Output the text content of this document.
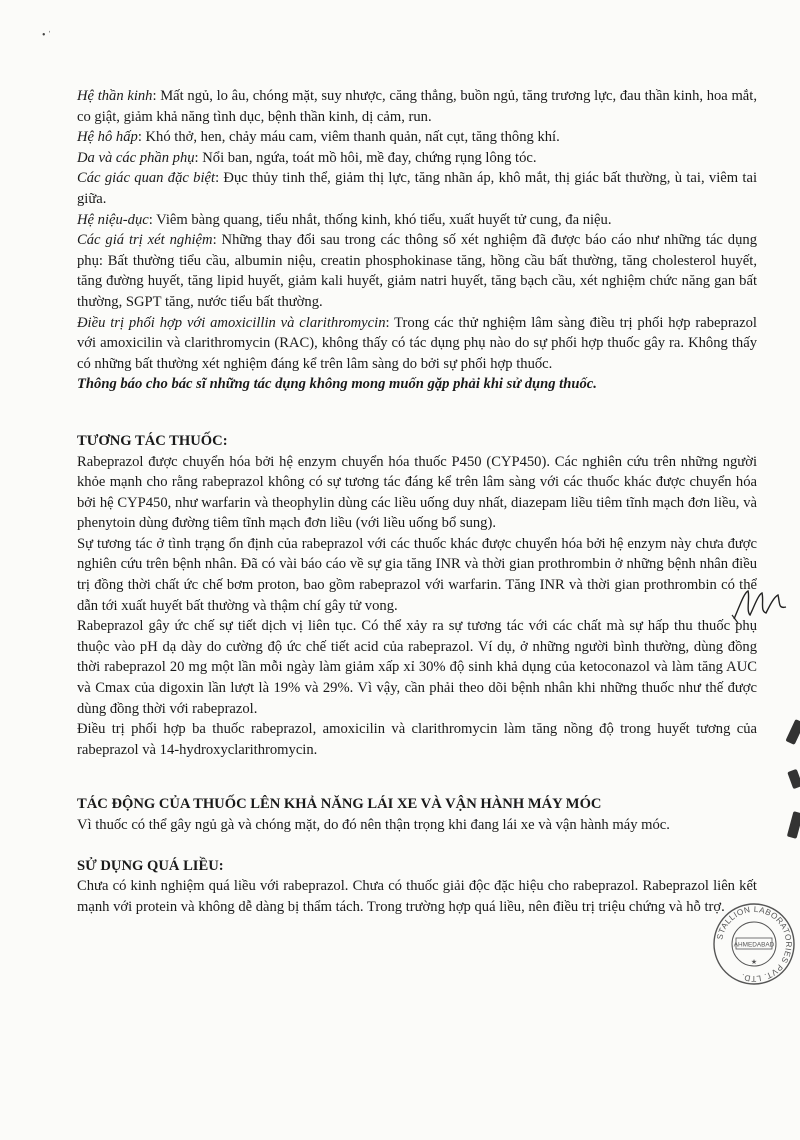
• ˈ

Hệ thần kinh: Mất ngủ, lo âu, chóng mặt, suy nhược, căng thẳng, buồn ngủ, tăng trương lực, đau thần kinh, hoa mắt, co giật, giảm khả năng tình dục, bệnh thần kinh, dị cảm, run.

Hệ hô hấp: Khó thở, hen, chảy máu cam, viêm thanh quản, nất cụt, tăng thông khí.

Da và các phần phụ: Nổi ban, ngứa, toát mồ hôi, mề đay, chứng rụng lông tóc.

Các giác quan đặc biệt: Đục thủy tinh thể, giảm thị lực, tăng nhãn áp, khô mắt, thị giác bất thường, ù tai, viêm tai giữa.

Hệ niệu-dục: Viêm bàng quang, tiểu nhắt, thống kinh, khó tiểu, xuất huyết tử cung, đa niệu.

Các giá trị xét nghiệm: Những thay đổi sau trong các thông số xét nghiệm đã được báo cáo như những tác dụng phụ: Bất thường tiểu cầu, albumin niệu, creatin phosphokinase tăng, hồng cầu bất thường, tăng cholesterol huyết, tăng đường huyết, tăng lipid huyết, giảm kali huyết, giảm natri huyết, tăng bạch cầu, xét nghiệm chức năng gan bất thường, SGPT tăng, nước tiểu bất thường.

Điều trị phối hợp với amoxicillin và clarithromycin: Trong các thử nghiệm lâm sàng điều trị phối hợp rabeprazol với amoxicilin và clarithromycin (RAC), không thấy có tác dụng phụ nào do sự phối hợp thuốc gây ra. Không thấy có những bất thường xét nghiệm đáng kể trên lâm sàng do bởi sự phối hợp thuốc.

Thông báo cho bác sĩ những tác dụng không mong muốn gặp phải khi sử dụng thuốc.

TƯƠNG TÁC THUỐC:

Rabeprazol được chuyển hóa bởi hệ enzym chuyển hóa thuốc P450 (CYP450). Các nghiên cứu trên những người khỏe mạnh cho rằng rabeprazol không có sự tương tác đáng kể trên lâm sàng với các thuốc khác được chuyển hóa bởi hệ CYP450, như warfarin và theophylin dùng các liều uống duy nhất, diazepam liều tiêm tĩnh mạch đơn liều, và phenytoin dùng đường tiêm tĩnh mạch đơn liều (với liều uống bổ sung).

Sự tương tác ở tình trạng ổn định của rabeprazol với các thuốc khác được chuyển hóa bởi hệ enzym này chưa được nghiên cứu trên bệnh nhân. Đã có vài báo cáo về sự gia tăng INR và thời gian prothrombin ở những bệnh nhân điều trị đồng thời chất ức chế bơm proton, bao gồm rabeprazol với warfarin. Tăng INR và thời gian prothrombin có thể dẫn tới xuất huyết bất thường và thậm chí gây tử vong.

Rabeprazol gây ức chế sự tiết dịch vị liên tục. Có thể xảy ra sự tương tác với các chất mà sự hấp thu thuốc phụ thuộc vào pH dạ dày do cường độ ức chế tiết acid của rabeprazol. Ví dụ, ở những người bình thường, dùng đồng thời rabeprazol 20 mg một lần mỗi ngày làm giảm xấp xỉ 30% độ sinh khả dụng của ketoconazol và làm tăng AUC và Cmax của digoxin lần lượt là 19% và 29%. Vì vậy, cần phải theo dõi bệnh nhân khi những thuốc như thế được dùng đồng thời với rabeprazol.

Điều trị phối hợp ba thuốc rabeprazol, amoxicilin và clarithromycin làm tăng nồng độ trong huyết tương của rabeprazol và 14-hydroxyclarithromycin.

TÁC ĐỘNG CỦA THUỐC LÊN KHẢ NĂNG LÁI XE VÀ VẬN HÀNH MÁY MÓC

Vì thuốc có thể gây ngủ gà và chóng mặt, do đó nên thận trọng khi đang lái xe và vận hành máy móc.

SỬ DỤNG QUÁ LIỀU:

Chưa có kinh nghiệm quá liều với rabeprazol. Chưa có thuốc giải độc đặc hiệu cho rabeprazol. Rabeprazol liên kết mạnh với protein và không dễ dàng bị thẩm tách. Trong trường hợp quá liều, nên điều trị triệu chứng và hỗ trợ.

STALLION LABORATORIES PVT. LTD.
AHMEDABAD
★
